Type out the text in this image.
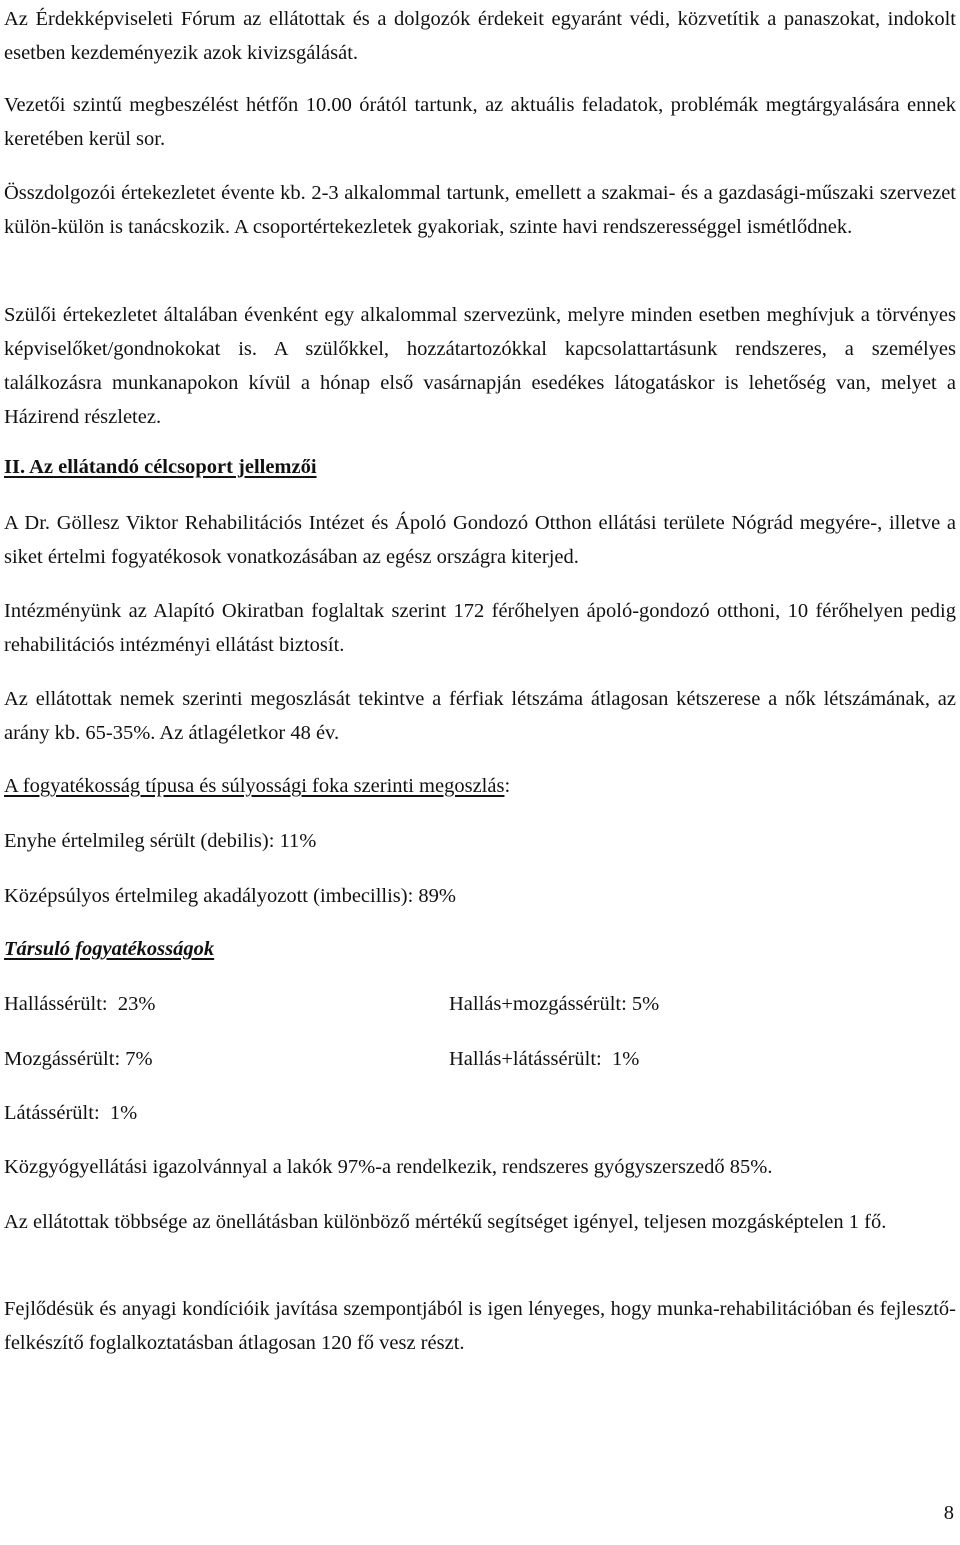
Az Érdekképviseleti Fórum az ellátottak és a dolgozók érdekeit egyaránt védi, közvetítik a panaszokat, indokolt esetben kezdeményezik azok kivizsgálását.

Vezetői szintű megbeszélést hétfőn 10.00 órától tartunk, az aktuális feladatok, problémák megtárgyalására ennek keretében kerül sor.

Összdolgozói értekezletet évente kb. 2-3 alkalommal tartunk, emellett a szakmai- és a gazdasági-műszaki szervezet külön-külön is tanácskozik. A csoportértekezletek gyakoriak, szinte havi rendszerességgel ismétlődnek.

Szülői értekezletet általában évenként egy alkalommal szervezünk, melyre minden esetben meghívjuk a törvényes képviselőket/gondnokokat is. A szülőkkel, hozzátartozókkal kapcsolattartásunk rendszeres, a személyes találkozásra munkanapokon kívül a hónap első vasárnapján esedékes látogatáskor is lehetőség van, melyet a Házirend részletez.

II. Az ellátandó célcsoport jellemzői

A Dr. Göllesz Viktor Rehabilitációs Intézet és Ápoló Gondozó Otthon ellátási területe Nógrád megyére-, illetve a siket értelmi fogyatékosok vonatkozásában az egész országra kiterjed.

Intézményünk az Alapító Okiratban foglaltak szerint 172 férőhelyen ápoló-gondozó otthoni, 10 férőhelyen pedig rehabilitációs intézményi ellátást biztosít.

Az ellátottak nemek szerinti megoszlását tekintve a férfiak létszáma átlagosan kétszerese a nők létszámának, az arány kb. 65-35%. Az átlagéletkor 48 év.

A fogyatékosság típusa és súlyossági foka szerinti megoszlás:

Enyhe értelmileg sérült (debilis): 11%

Középsúlyos értelmileg akadályozott (imbecillis): 89%

Társuló fogyatékosságok

Hallássérült:  23%	Hallás+mozgássérült: 5%

Mozgássérült: 7%	Hallás+látássérült:  1%

Látássérült:  1%

Közgyógyellátási igazolvánnyal a lakók 97%-a rendelkezik, rendszeres gyógyszerszedő 85%.

Az ellátottak többsége az önellátásban különböző mértékű segítséget igényel, teljesen mozgásképtelen 1 fő.

Fejlődésük és anyagi kondícióik javítása szempontjából is igen lényeges, hogy munka-rehabilitációban és fejlesztő-felkészítő foglalkoztatásban átlagosan 120 fő vesz részt.

8
